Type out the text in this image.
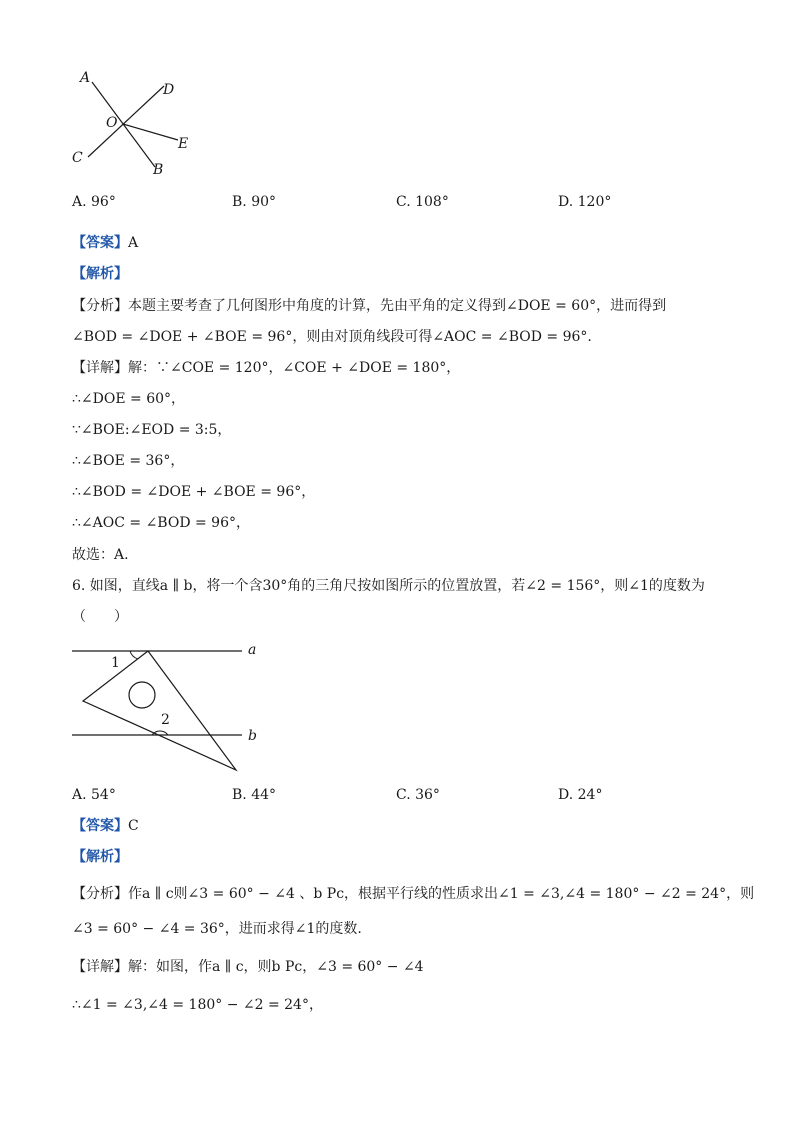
A
D
O
E
C
B
A. 96°	B. 90°	C. 108°	D. 120°
【答案】A
【解析】
【分析】本题主要考查了几何图形中角度的计算，先由平角的定义得到∠DOE = 60°，进而得到
∠BOD = ∠DOE + ∠BOE = 96°，则由对顶角线段可得∠AOC = ∠BOD = 96°.
【详解】解：∵∠COE = 120°，∠COE + ∠DOE = 180°，
∴∠DOE = 60°，
∵∠BOE:∠EOD = 3:5，
∴∠BOE = 36°，
∴∠BOD = ∠DOE + ∠BOE = 96°，
∴∠AOC = ∠BOD = 96°，
故选：A.
6. 如图，直线a ∥ b，将一个含30°角的三角尺按如图所示的位置放置，若∠2 = 156°，则∠1的度数为
（　　）
1
2
a
b
A. 54°	B. 44°	C. 36°	D. 24°
【答案】C
【解析】
【分析】作a ∥ c则∠3 = 60° − ∠4 、b Pc，根据平行线的性质求出∠1 = ∠3,∠4 = 180° − ∠2 = 24°，则
∠3 = 60° − ∠4 = 36°，进而求得∠1的度数.
【详解】解：如图，作a ∥ c，则b Pc，∠3 = 60° − ∠4
∴∠1 = ∠3,∠4 = 180° − ∠2 = 24°，
